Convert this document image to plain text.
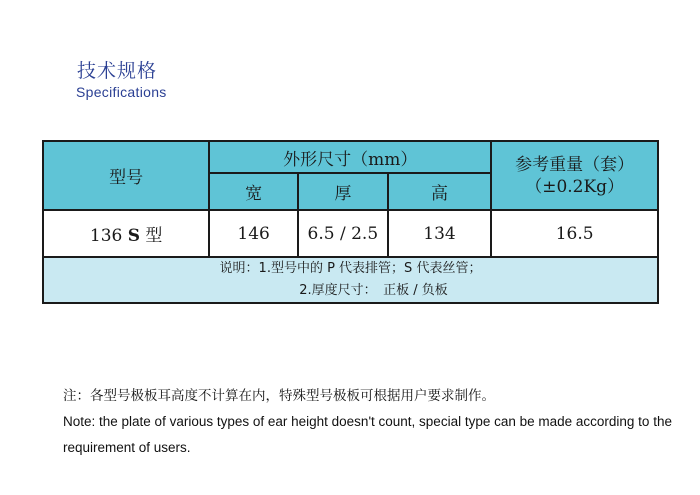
技术规格
Specifications
型号	外形尺寸（mm）			参考重量（套）
（±0.2Kg）

	宽	厚	高	
136 S 型	146	6.5 / 2.5	134	16.5

说明：1.型号中的 P 代表排管；S 代表丝管；
2.厚度尺寸：　正板 / 负板				
注：各型号极板耳高度不计算在内，特殊型号极板可根据用户要求制作。
Note: the plate of various types of ear height doesn't count, special type can be made according to the requirement of users.
